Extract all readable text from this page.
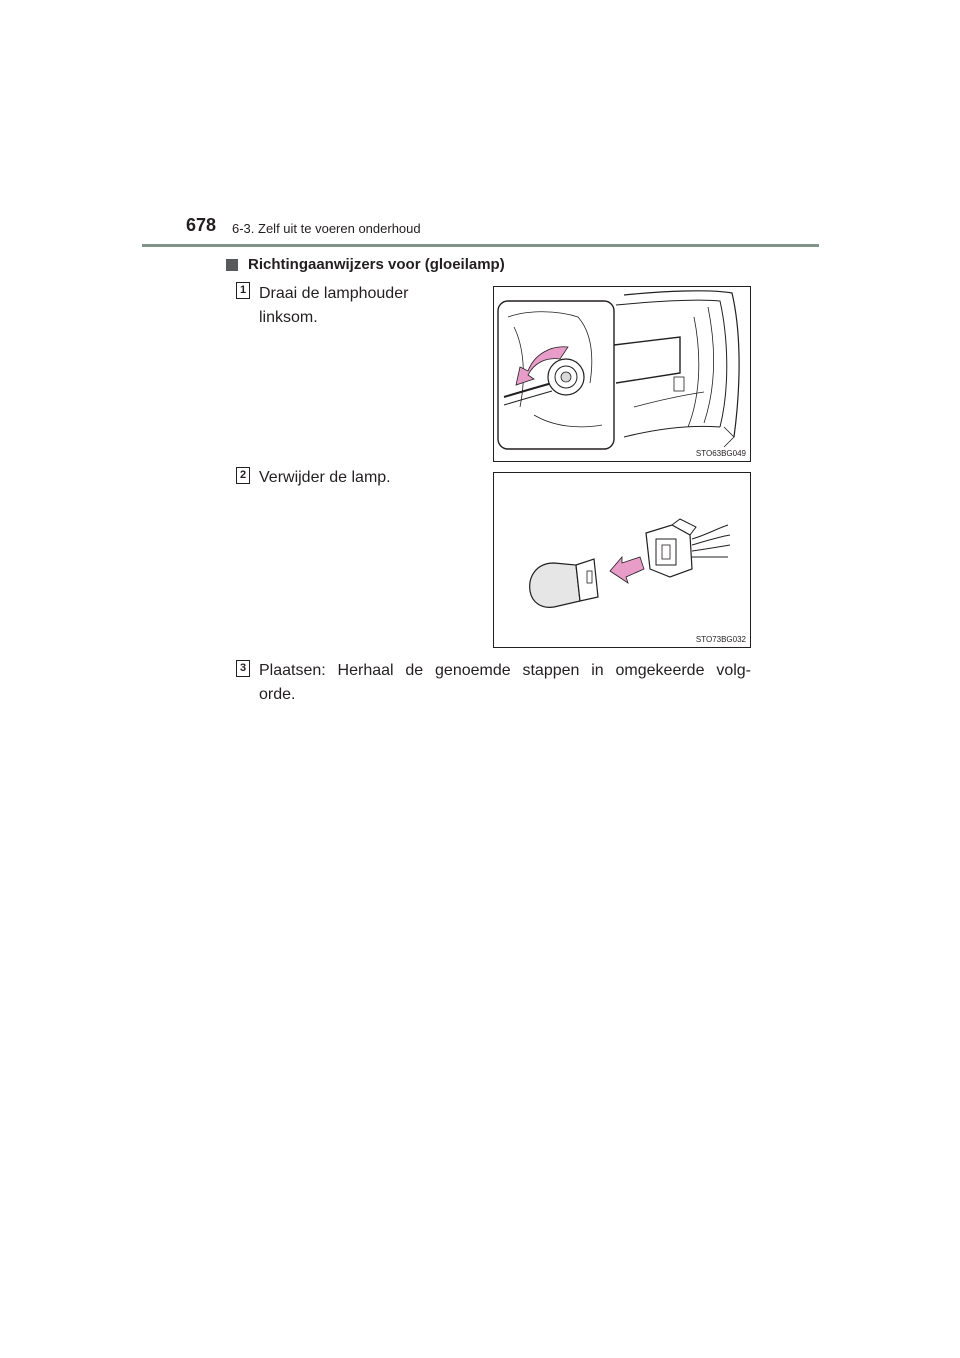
678 6-3. Zelf uit te voeren onderhoud
Richtingaanwijzers voor (gloeilamp)
1 Draai de lamphouder
linksom.
STO63BG049
2 Verwijder de lamp.
STO73BG032
3 Plaatsen: Herhaal de genoemde stappen in omgekeerde volg-
orde.
